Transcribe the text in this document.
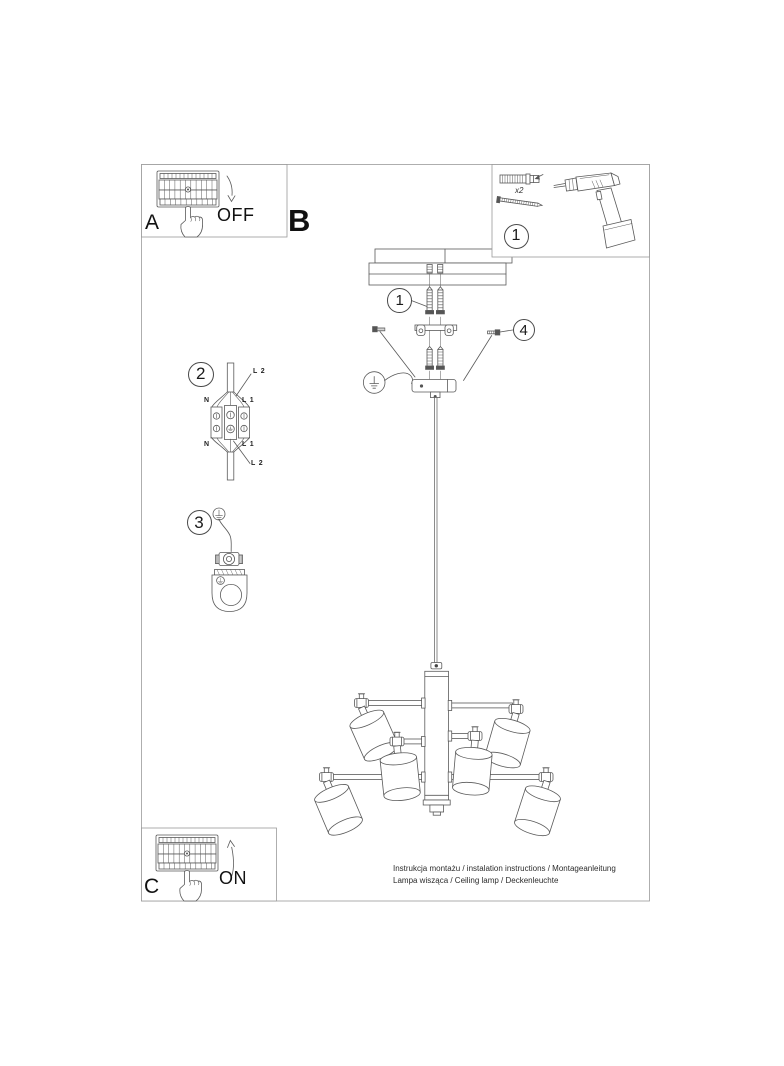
B
A	OFF
C	ON
x2
1
1
4
2
3
L 2
N	L 1
N	L 1
L 2
Instrukcja montażu / instalation instructions / Montageanleitung
Lampa wisząca / Ceiling lamp / Deckenleuchte
